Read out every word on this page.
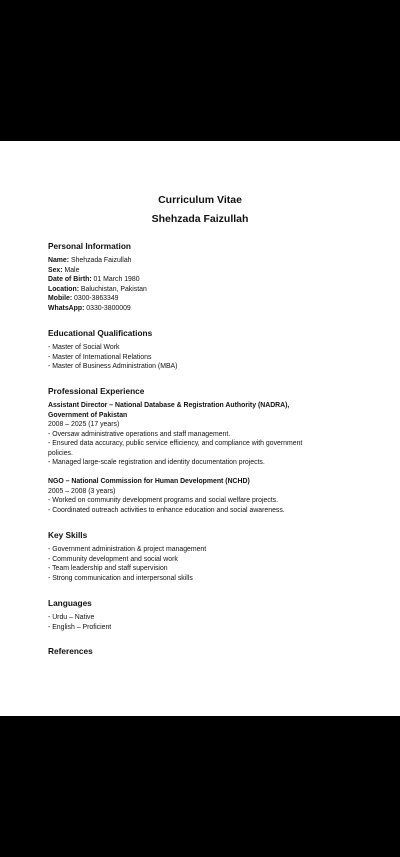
Curriculum Vitae
Shehzada Faizullah
Personal Information
Name: Shehzada Faizullah
Sex: Male
Date of Birth: 01 March 1980
Location: Baluchistan, Pakistan
Mobile: 0300-3863349
WhatsApp: 0330-3800009
Educational Qualifications
- Master of Social Work
- Master of International Relations
- Master of Business Administration (MBA)
Professional Experience
Assistant Director – National Database & Registration Authority (NADRA),
Government of Pakistan
2008 – 2025 (17 years)
- Oversaw administrative operations and staff management.
- Ensured data accuracy, public service efficiency, and compliance with government
policies.
- Managed large-scale registration and identity documentation projects.
NGO – National Commission for Human Development (NCHD)
2005 – 2008 (3 years)
- Worked on community development programs and social welfare projects.
- Coordinated outreach activities to enhance education and social awareness.
Key Skills
- Government administration & project management
- Community development and social work
- Team leadership and staff supervision
- Strong communication and interpersonal skills
Languages
- Urdu – Native
- English – Proficient
References
